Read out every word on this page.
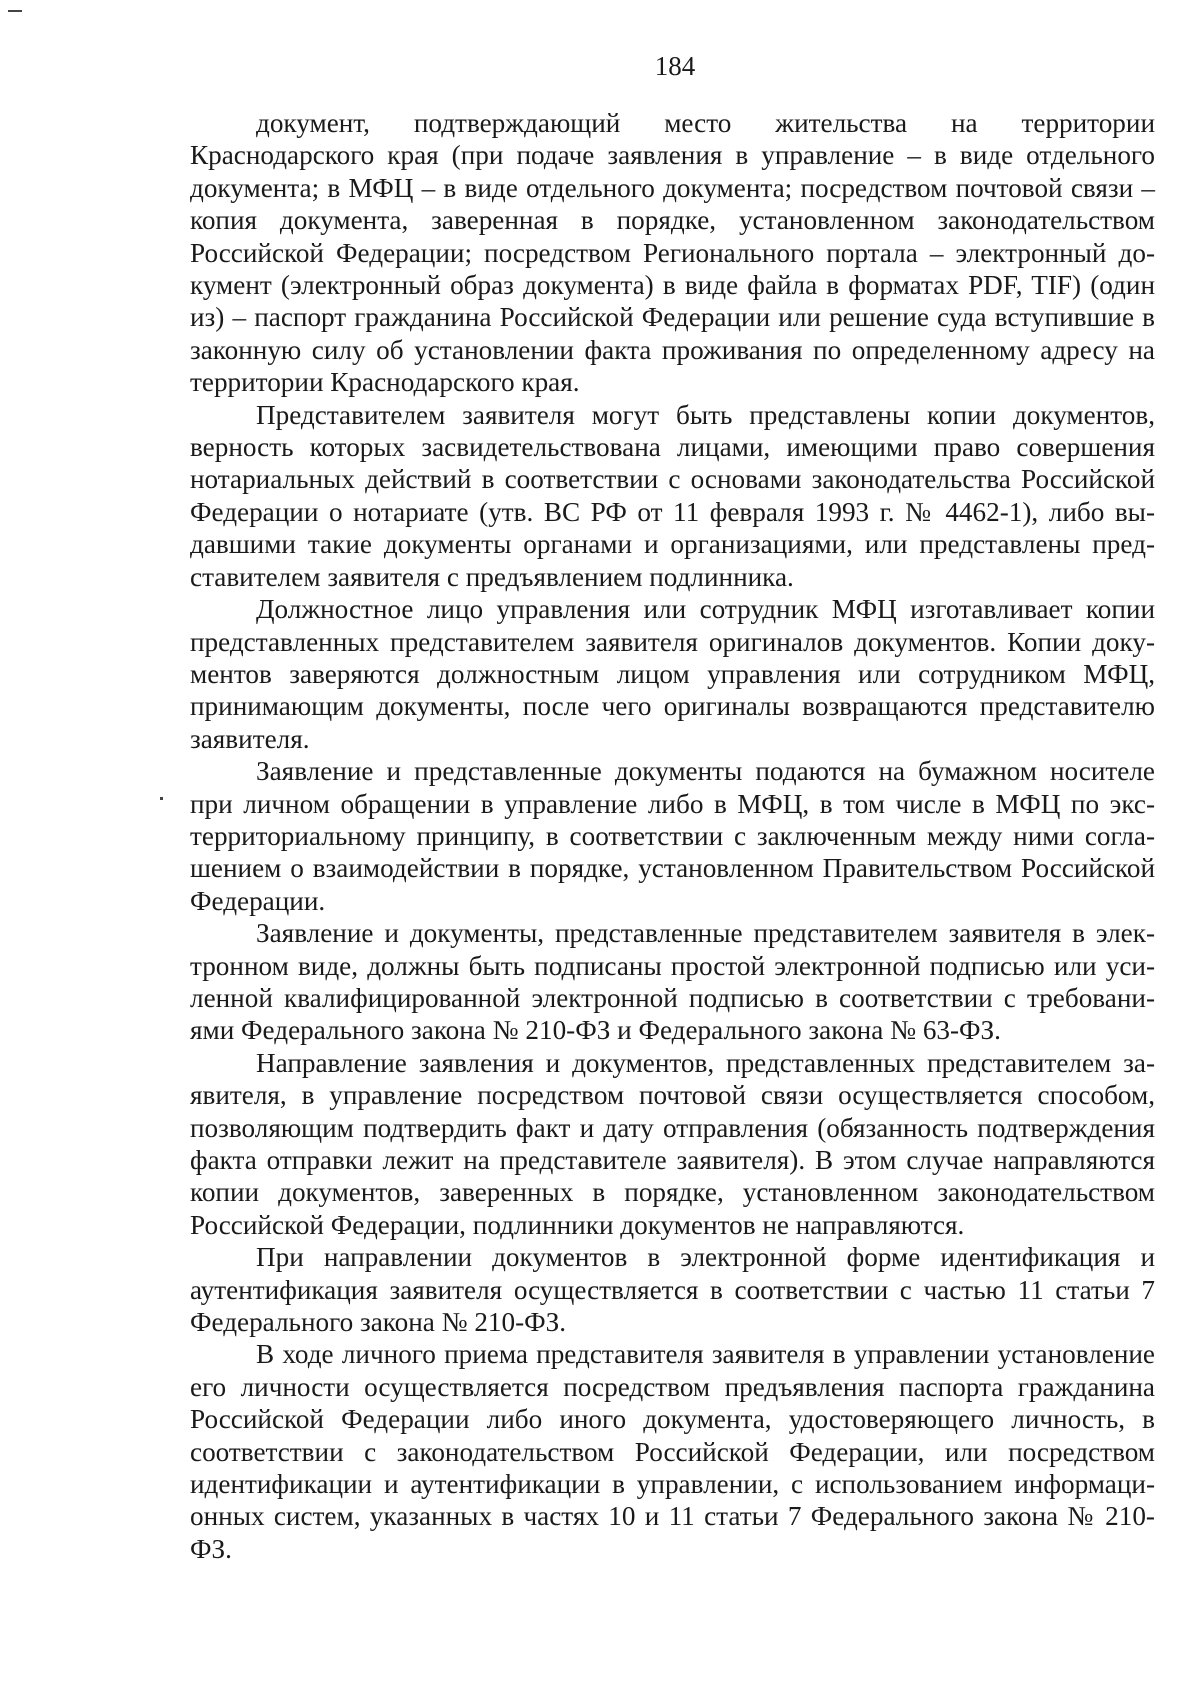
184

документ, подтверждающий место жительства на территории Краснодарского края (при подаче заявления в управление – в виде отдельного документа; в МФЦ – в виде отдельного документа; посредством почтовой связи – копия документа, заверенная в порядке, установленном законодательством Российской Федерации; посредством Регионального портала – электронный документ (электронный образ документа) в виде файла в форматах PDF, TIF) (один из) – паспорт гражданина Российской Федерации или решение суда вступившие в законную силу об установлении факта проживания по определенному адресу на территории Краснодарского края.

Представителем заявителя могут быть представлены копии документов, верность которых засвидетельствована лицами, имеющими право совершения нотариальных действий в соответствии с основами законодательства Российской Федерации о нотариате (утв. ВС РФ от 11 февраля 1993 г. № 4462-1), либо выдавшими такие документы органами и организациями, или представлены представителем заявителя с предъявлением подлинника.

Должностное лицо управления или сотрудник МФЦ изготавливает копии представленных представителем заявителя оригиналов документов. Копии документов заверяются должностным лицом управления или сотрудником МФЦ, принимающим документы, после чего оригиналы возвращаются представителю заявителя.

Заявление и представленные документы подаются на бумажном носителе при личном обращении в управление либо в МФЦ, в том числе в МФЦ по экстерриториальному принципу, в соответствии с заключенным между ними соглашением о взаимодействии в порядке, установленном Правительством Российской Федерации.

Заявление и документы, представленные представителем заявителя в электронном виде, должны быть подписаны простой электронной подписью или усиленной квалифицированной электронной подписью в соответствии с требованиями Федерального закона № 210-ФЗ и Федерального закона № 63-ФЗ.

Направление заявления и документов, представленных представителем заявителя, в управление посредством почтовой связи осуществляется способом, позволяющим подтвердить факт и дату отправления (обязанность подтверждения факта отправки лежит на представителе заявителя). В этом случае направляются копии документов, заверенных в порядке, установленном законодательством Российской Федерации, подлинники документов не направляются.

При направлении документов в электронной форме идентификация и аутентификация заявителя осуществляется в соответствии с частью 11 статьи 7 Федерального закона № 210-ФЗ.

В ходе личного приема представителя заявителя в управлении установление его личности осуществляется посредством предъявления паспорта гражданина Российской Федерации либо иного документа, удостоверяющего личность, в соответствии с законодательством Российской Федерации, или посредством идентификации и аутентификации в управлении, с использованием информационных систем, указанных в частях 10 и 11 статьи 7 Федерального закона № 210-ФЗ.
